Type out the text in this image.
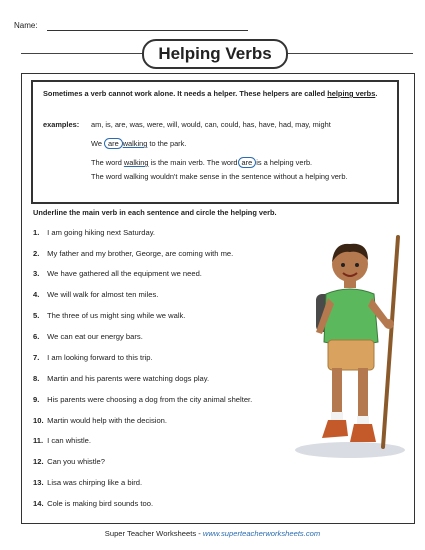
Name:
Helping Verbs
Sometimes a verb cannot work alone. It needs a helper. These helpers are called helping verbs.
examples: am, is, are, was, were, will, would, can, could, has, have, had, may, might
We are walking to the park.
The word walking is the main verb. The word are is a helping verb.
The word walking wouldn't make sense in the sentence without a helping verb.
Underline the main verb in each sentence and circle the helping verb.
1. I am going hiking next Saturday.
2. My father and my brother, George, are coming with me.
3. We have gathered all the equipment we need.
4. We will walk for almost ten miles.
5. The three of us might sing while we walk.
6. We can eat our energy bars.
7. I am looking forward to this trip.
8. Martin and his parents were watching dogs play.
9. His parents were choosing a dog from the city animal shelter.
10. Martin would help with the decision.
11. I can whistle.
12. Can you whistle?
13. Lisa was chirping like a bird.
14. Cole is making bird sounds too.
Super Teacher Worksheets - www.superteacherworksheets.com
